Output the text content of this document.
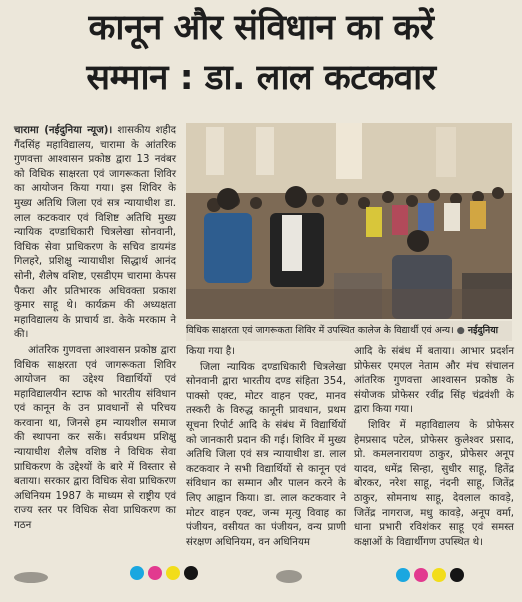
कानून और संविधान का करें
सम्मान : डा. लाल कटकवार

चारामा (नईदुनिया न्यूज)। शासकीय शहीद गैंदसिंह महाविद्यालय, चारामा के आंतरिक गुणवत्ता आश्वासन प्रकोष्ठ द्वारा 13 नवंबर को विधिक साक्षरता एवं जागरूकता शिविर का आयोजन किया गया। इस शिविर के मुख्य अतिथि जिला एवं सत्र न्यायाधीश डा. लाल कटकवार एवं विशिष्ट अतिथि मुख्य न्यायिक दण्डाधिकारी चित्रलेखा सोनवानी, विधिक सेवा प्राधिकरण के सचिव डायमंड गिलहरे, प्रशिक्षु न्यायाधीश सिद्धार्थ आनंद सोनी, शैलेष वशिष्ट, एसडीएम चारामा केपस पैकरा और प्रतिभारक अधिवक्ता प्रकाश कुमार साहू थे। कार्यक्रम की अध्यक्षता महाविद्यालय के प्राचार्य डा. केके मरकाम ने की।

आंतरिक गुणवत्ता आश्वासन प्रकोष्ठ द्वारा विधिक साक्षरता एवं जागरूकता शिविर आयोजन का उद्देश्य विद्यार्थियों एवं महाविद्यालयीन स्टाफ को भारतीय संविधान एवं कानून के उन प्रावधानों से परिचय करवाना था, जिनसे हम न्यायशील समाज की स्थापना कर सकें। सर्वप्रथम प्रशिक्षु न्यायाधीश शैलेष वशिष्ठ ने विधिक सेवा प्राधिकरण के उद्देश्यों के बारे में विस्तार से बताया। सरकार द्वारा विधिक सेवा प्राधिकरण अधिनियम 1987 के माध्यम से राष्ट्रीय एवं राज्य स्तर पर विधिक सेवा प्राधिकरण का गठन

विधिक साक्षरता एवं जागरूकता शिविर में उपस्थित कालेज के विद्यार्थी एवं अन्य। ● नईदुनिया

किया गया है।

जिला न्यायिक दण्डाधिकारी चित्रलेखा सोनवानी द्वारा भारतीय दण्ड संहिता 354, पाक्सो एक्ट, मोटर वाहन एक्ट, मानव तस्करी के विरुद्ध कानूनी प्रावधान, प्रथम सूचना रिपोर्ट आदि के संबंध में विद्यार्थियों को जानकारी प्रदान की गई। शिविर में मुख्य अतिथि जिला एवं सत्र न्यायाधीश डा. लाल कटकवार ने सभी विद्यार्थियों से कानून एवं संविधान का सम्मान और पालन करने के लिए आह्वान किया। डा. लाल कटकवार ने मोटर वाहन एक्ट, जन्म मृत्यु विवाह का पंजीयन, वसीयत का पंजीयन, वन्य प्राणी संरक्षण अधिनियम, वन अधिनियम

आदि के संबंध में बताया। आभार प्रदर्शन प्रोफेसर एमएल नेताम और मंच संचालन आंतरिक गुणवत्ता आश्वासन प्रकोष्ठ के संयोजक प्रोफेसर रवींद्र सिंह चंद्रवंशी के द्वारा किया गया।

शिविर में महाविद्यालय के प्रोफेसर हेमप्रसाद पटेल, प्रोफेसर कुलेश्वर प्रसाद, प्रो. कमलनारायण ठाकुर, प्रोफेसर अनूप यादव, धमेंद्र सिन्हा, सुधीर साहू, हितेंद्र बोरकर, नरेश साहू, नंदनी साहू, जितेंद्र ठाकुर, सोमनाथ साहू, देवलाल कावड़े, जितेंद्र नागराज, मधु कावड़े, अनूप वर्मा, धाना प्रभारी रविशंकर साहू एवं समस्त कक्षाओं के विद्यार्थीगण उपस्थित थे।
